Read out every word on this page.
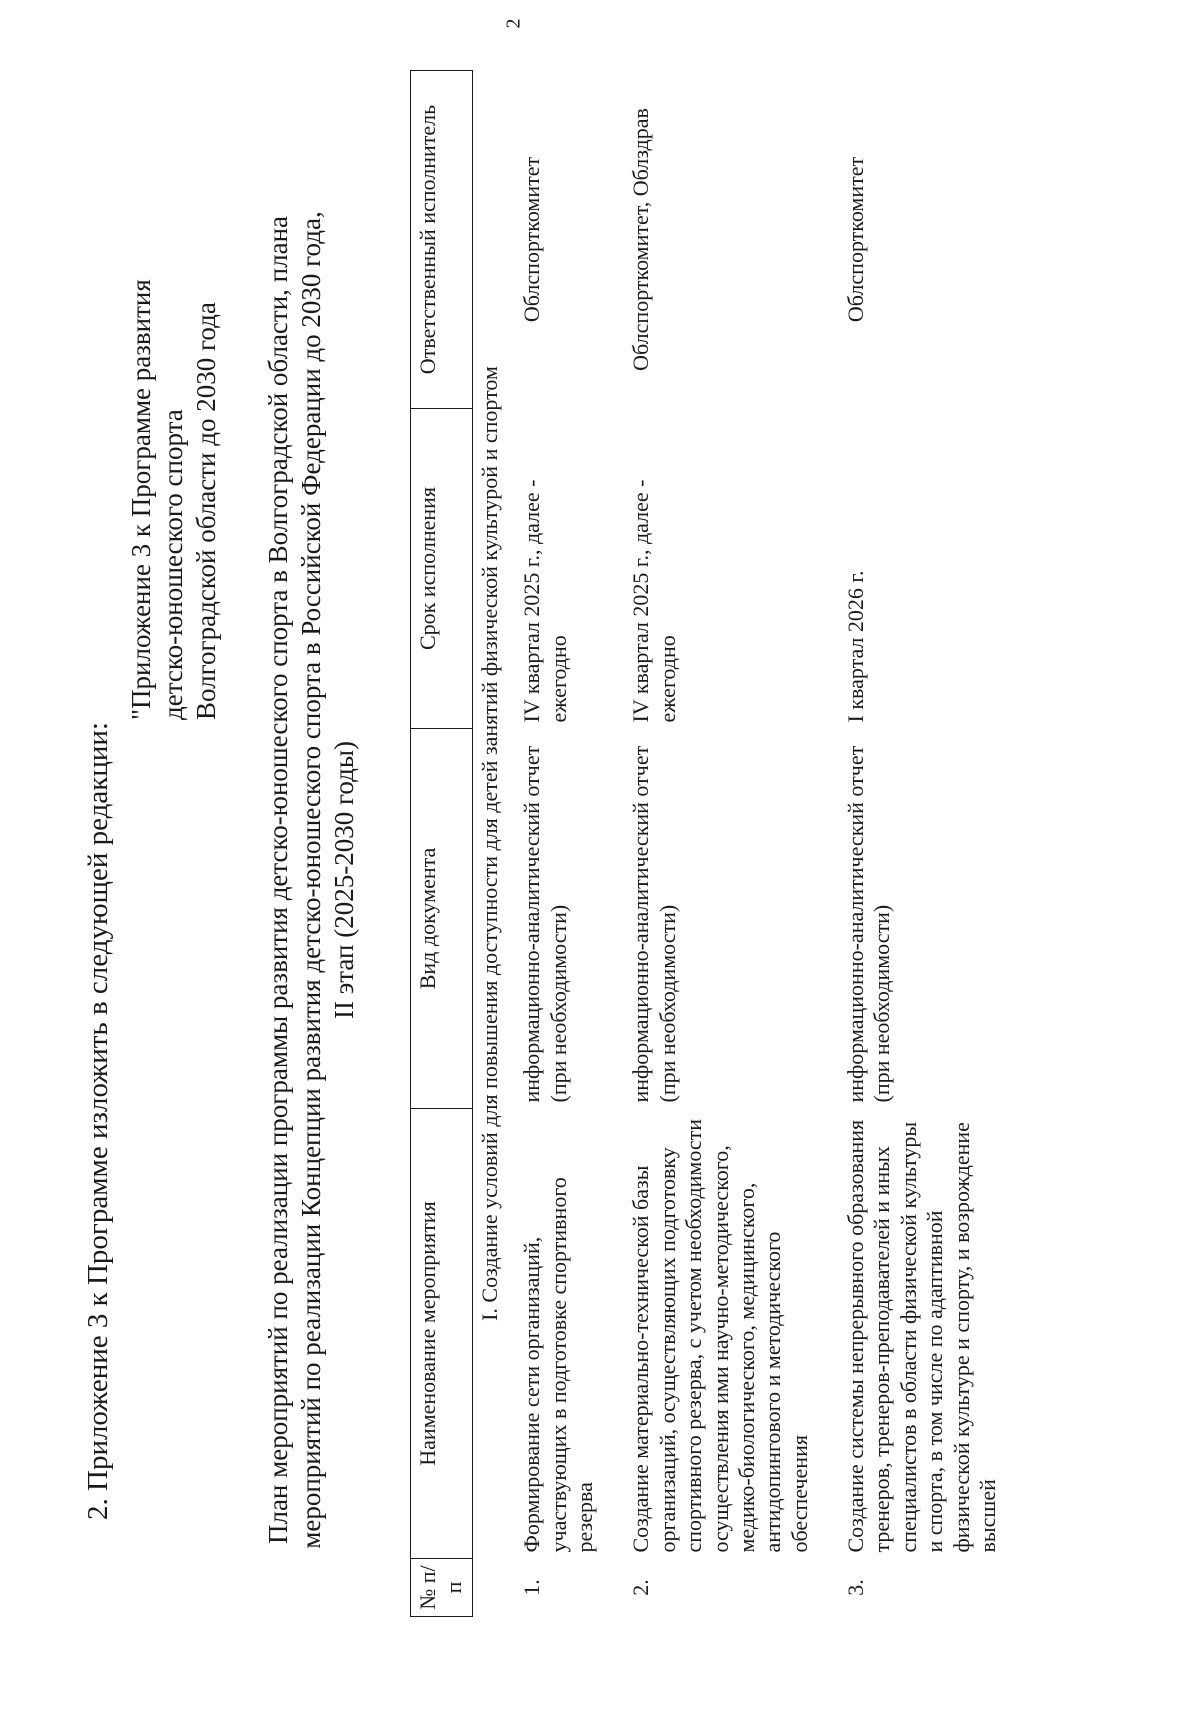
2
2. Приложение 3 к Программе изложить в следующей редакции:
"Приложение 3 к Программе развития детско-юношеского спорта Волгоградской области до 2030 года План мероприятий по реализации программы развития детско-юношеского спорта в Волгоградской области, плана мероприятий по реализации Концепции развития детско-юношеского спорта в Российской Федерации до 2030 года, II этап (2025-2030 годы)
№ п/п	Наименование мероприятия	Вид документа	Срок исполнения	Ответственный исполнитель
I. Создание условий для повышения доступности для детей занятий физической культурой и спортом				
1.	Формирование сети организаций, участвующих в подготовке спортивного резерва	информационно-аналитический отчет (при необходимости)	IV квартал 2025 г., далее - ежегодно	Облспорткомитет
2.	Создание материально-технической базы организаций, осуществляющих подготовку спортивного резерва, с учетом необходимости осуществления ими научно-методического, медико-биологического, медицинского, антидопингового и методического обеспечения	информационно-аналитический отчет (при необходимости)	IV квартал 2025 г., далее - ежегодно	Облспорткомитет, Облздрав
3.	Создание системы непрерывного образования тренеров, тренеров-преподавателей и иных специалистов в области физической культуры и спорта, в том числе по адаптивной физической культуре и спорту, и возрождение высшей	информационно-аналитический отчет (при необходимости)	I квартал 2026 г.	Облспорткомитет
